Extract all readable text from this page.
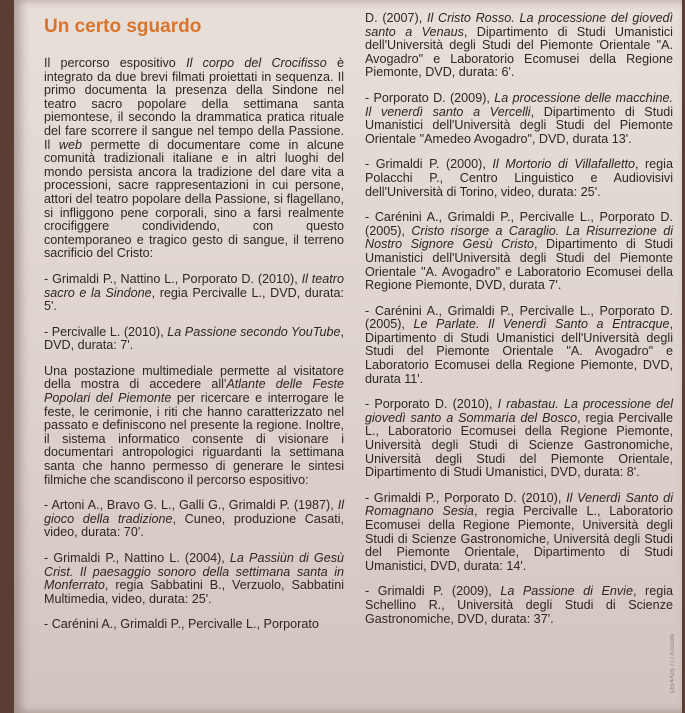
Un certo sguardo

Il percorso espositivo Il corpo del Crocifisso è integrato da due brevi filmati proiettati in sequenza. Il primo documenta la presenza della Sindone nel teatro sacro popolare della settimana santa piemontese, il secondo la drammatica pratica rituale del fare scorrere il sangue nel tempo della Passione. Il web permette di documentare come in alcune comunità tradizionali italiane e in altri luoghi del mondo persista ancora la tradizione del dare vita a processioni, sacre rappresentazioni in cui persone, attori del teatro popolare della Passione, si flagellano, si infliggono pene corporali, sino a farsi realmente crocifiggere condividendo, con questo contemporaneo e tragico gesto di sangue, il terreno sacrificio del Cristo:

- Grimaldi P., Nattino L., Porporato D. (2010), Il teatro sacro e la Sindone, regia Percivalle L., DVD, durata: 5'.

- Percivalle L. (2010), La Passione secondo YouTube, DVD, durata: 7'.

Una postazione multimediale permette al visitatore della mostra di accedere all'Atlante delle Feste Popolari del Piemonte per ricercare e interrogare le feste, le cerimonie, i riti che hanno caratterizzato nel passato e definiscono nel presente la regione. Inoltre, il sistema informatico consente di visionare i documentari antropologici riguardanti la settimana santa che hanno permesso di generare le sintesi filmiche che scandiscono il percorso espositivo:

- Artoni A., Bravo G. L., Galli G., Grimaldi P. (1987), Il gioco della tradizione, Cuneo, produzione Casati, video, durata: 70'.

- Grimaldi P., Nattino L. (2004), La Passiùn di Gesù Crist. Il paesaggio sonoro della settimana santa in Monferrato, regia Sabbatini B., Verzuolo, Sabbatini Multimedia, video, durata: 25'.

- Carénini A., Grimaldi P., Percivalle L., Porporato

D. (2007), Il Cristo Rosso. La processione del giovedì santo a Venaus, Dipartimento di Studi Umanistici dell'Università degli Studi del Piemonte Orientale "A. Avogadro" e Laboratorio Ecomusei della Regione Piemonte, DVD, durata: 6'.

- Porporato D. (2009), La processione delle macchine. Il venerdì santo a Vercelli, Dipartimento di Studi Umanistici dell'Università degli Studi del Piemonte Orientale "Amedeo Avogadro", DVD, durata 13'.

- Grimaldi P. (2000), Il Mortorio di Villafalletto, regia Polacchi P., Centro Linguistico e Audiovisivi dell'Università di Torino, video, durata: 25'.

- Carénini A., Grimaldi P., Percivalle L., Porporato D. (2005), Cristo risorge a Caraglio. La Risurrezione di Nostro Signore Gesù Cristo, Dipartimento di Studi Umanistici dell'Università degli Studi del Piemonte Orientale "A. Avogadro" e Laboratorio Ecomusei della Regione Piemonte, DVD, durata 7'.

- Carénini A., Grimaldi P., Percivalle L., Porporato D. (2005), Le Parlate. Il Venerdì Santo a Entracque, Dipartimento di Studi Umanistici dell'Università degli Studi del Piemonte Orientale "A. Avogadro" e Laboratorio Ecomusei della Regione Piemonte, DVD, durata 11'.

- Porporato D. (2010), I rabastau. La processione del giovedì santo a Sommaria del Bosco, regia Percivalle L., Laboratorio Ecomusei della Regione Piemonte, Università degli Studi di Scienze Gastronomiche, Università degli Studi del Piemonte Orientale, Dipartimento di Studi Umanistici, DVD, durata: 8'.

- Grimaldi P., Porporato D. (2010), Il Venerdì Santo di Romagnano Sesia, regia Percivalle L., Laboratorio Ecomusei della Regione Piemonte, Università degli Studi di Scienze Gastronomiche, Università degli Studi del Piemonte Orientale, Dipartimento di Studi Umanistici, DVD, durata: 14'.

- Grimaldi P. (2009), La Passione di Envie, regia Schellino R., Università degli Studi di Scienze Gastronomiche, DVD, durata: 37'.

CEPPOS 777.lt-Grullo
